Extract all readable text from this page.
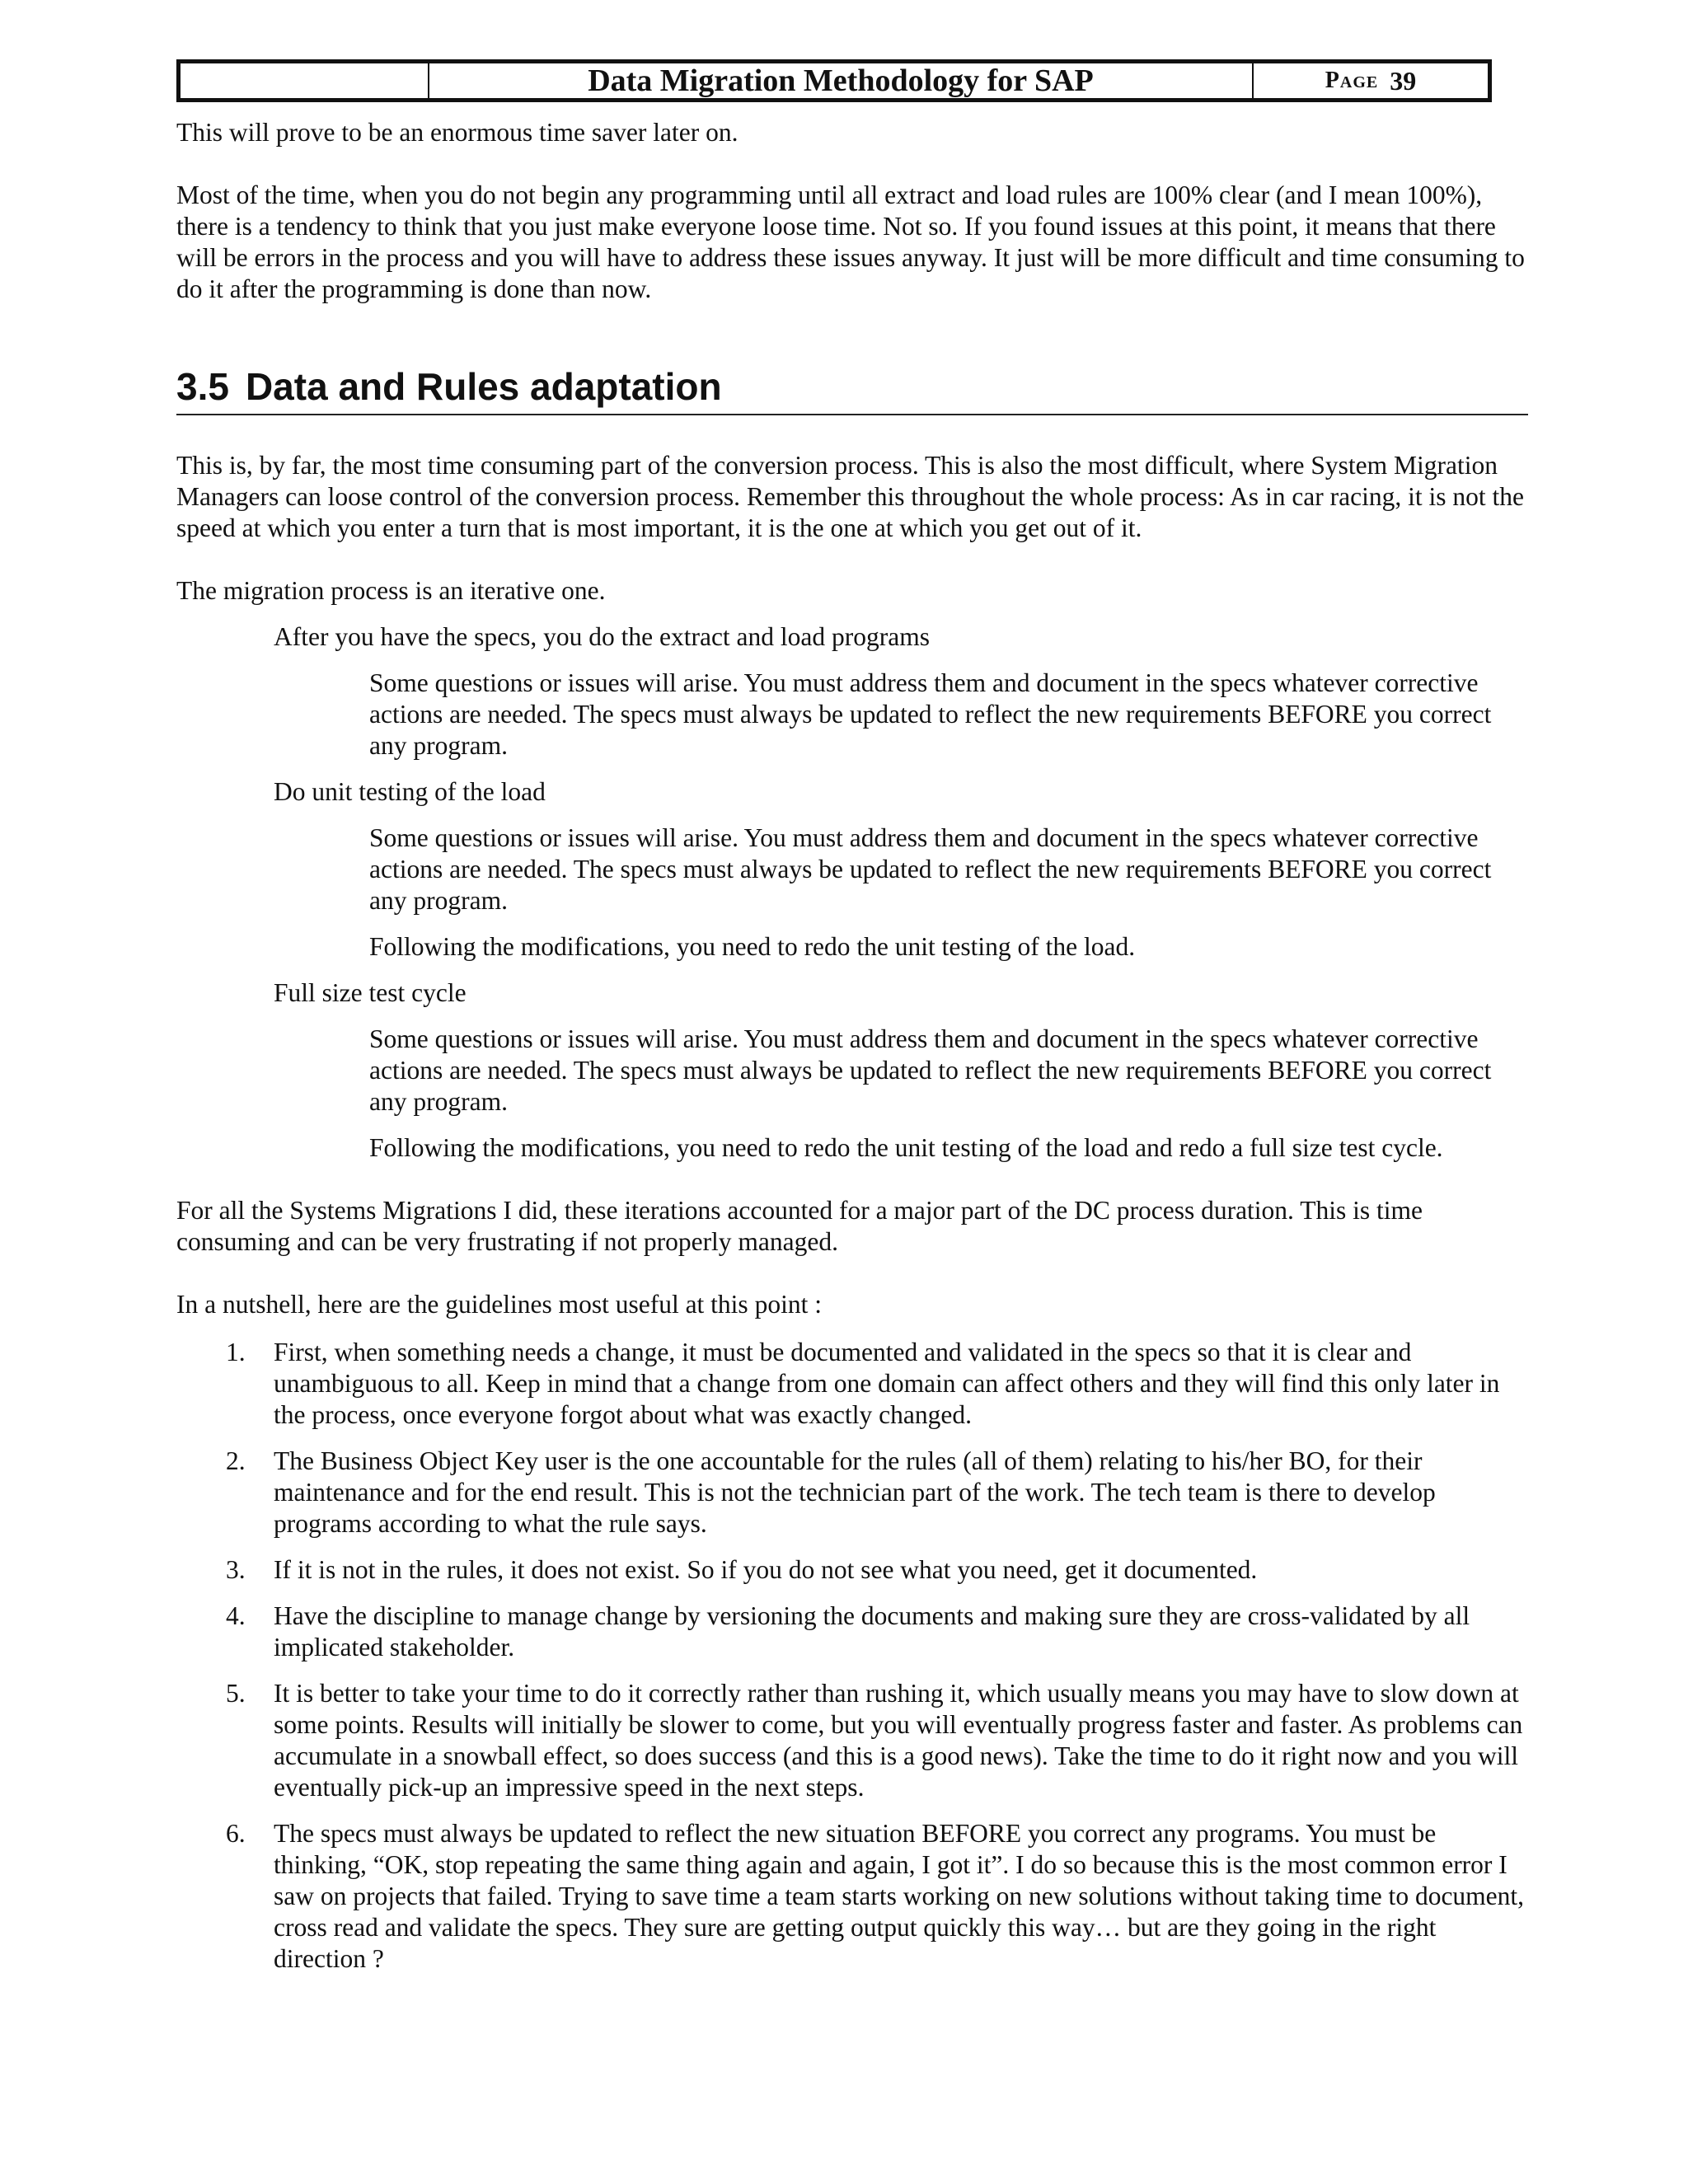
Data Migration Methodology for SAP	Page 39

This will prove to be an enormous time saver later on.

Most of the time, when you do not begin any programming until all extract and load rules are 100% clear (and I mean 100%), there is a tendency to think that you just make everyone loose time. Not so. If you found issues at this point, it means that there will be errors in the process and you will have to address these issues anyway. It just will be more difficult and time consuming to do it after the programming is done than now.

3.5 Data and Rules adaptation

This is, by far, the most time consuming part of the conversion process. This is also the most difficult, where System Migration Managers can loose control of the conversion process. Remember this throughout the whole process: As in car racing, it is not the speed at which you enter a turn that is most important, it is the one at which you get out of it.

The migration process is an iterative one.

After you have the specs, you do the extract and load programs

Some questions or issues will arise. You must address them and document in the specs whatever corrective actions are needed. The specs must always be updated to reflect the new requirements BEFORE you correct any program.

Do unit testing of the load

Some questions or issues will arise. You must address them and document in the specs whatever corrective actions are needed. The specs must always be updated to reflect the new requirements BEFORE you correct any program.

Following the modifications, you need to redo the unit testing of the load.

Full size test cycle

Some questions or issues will arise. You must address them and document in the specs whatever corrective actions are needed. The specs must always be updated to reflect the new requirements BEFORE you correct any program.

Following the modifications, you need to redo the unit testing of the load and redo a full size test cycle.

For all the Systems Migrations I did, these iterations accounted for a major part of the DC process duration. This is time consuming and can be very frustrating if not properly managed.

In a nutshell, here are the guidelines most useful at this point :

1. First, when something needs a change, it must be documented and validated in the specs so that it is clear and unambiguous to all. Keep in mind that a change from one domain can affect others and they will find this only later in the process, once everyone forgot about what was exactly changed.
2. The Business Object Key user is the one accountable for the rules (all of them) relating to his/her BO, for their maintenance and for the end result. This is not the technician part of the work. The tech team is there to develop programs according to what the rule says.
3. If it is not in the rules, it does not exist. So if you do not see what you need, get it documented.
4. Have the discipline to manage change by versioning the documents and making sure they are cross-validated by all implicated stakeholder.
5. It is better to take your time to do it correctly rather than rushing it, which usually means you may have to slow down at some points. Results will initially be slower to come, but you will eventually progress faster and faster. As problems can accumulate in a snowball effect, so does success (and this is a good news). Take the time to do it right now and you will eventually pick-up an impressive speed in the next steps.
6. The specs must always be updated to reflect the new situation BEFORE you correct any programs. You must be thinking, “OK, stop repeating the same thing again and again, I got it”. I do so because this is the most common error I saw on projects that failed. Trying to save time a team starts working on new solutions without taking time to document, cross read and validate the specs. They sure are getting output quickly this way… but are they going in the right direction ?
